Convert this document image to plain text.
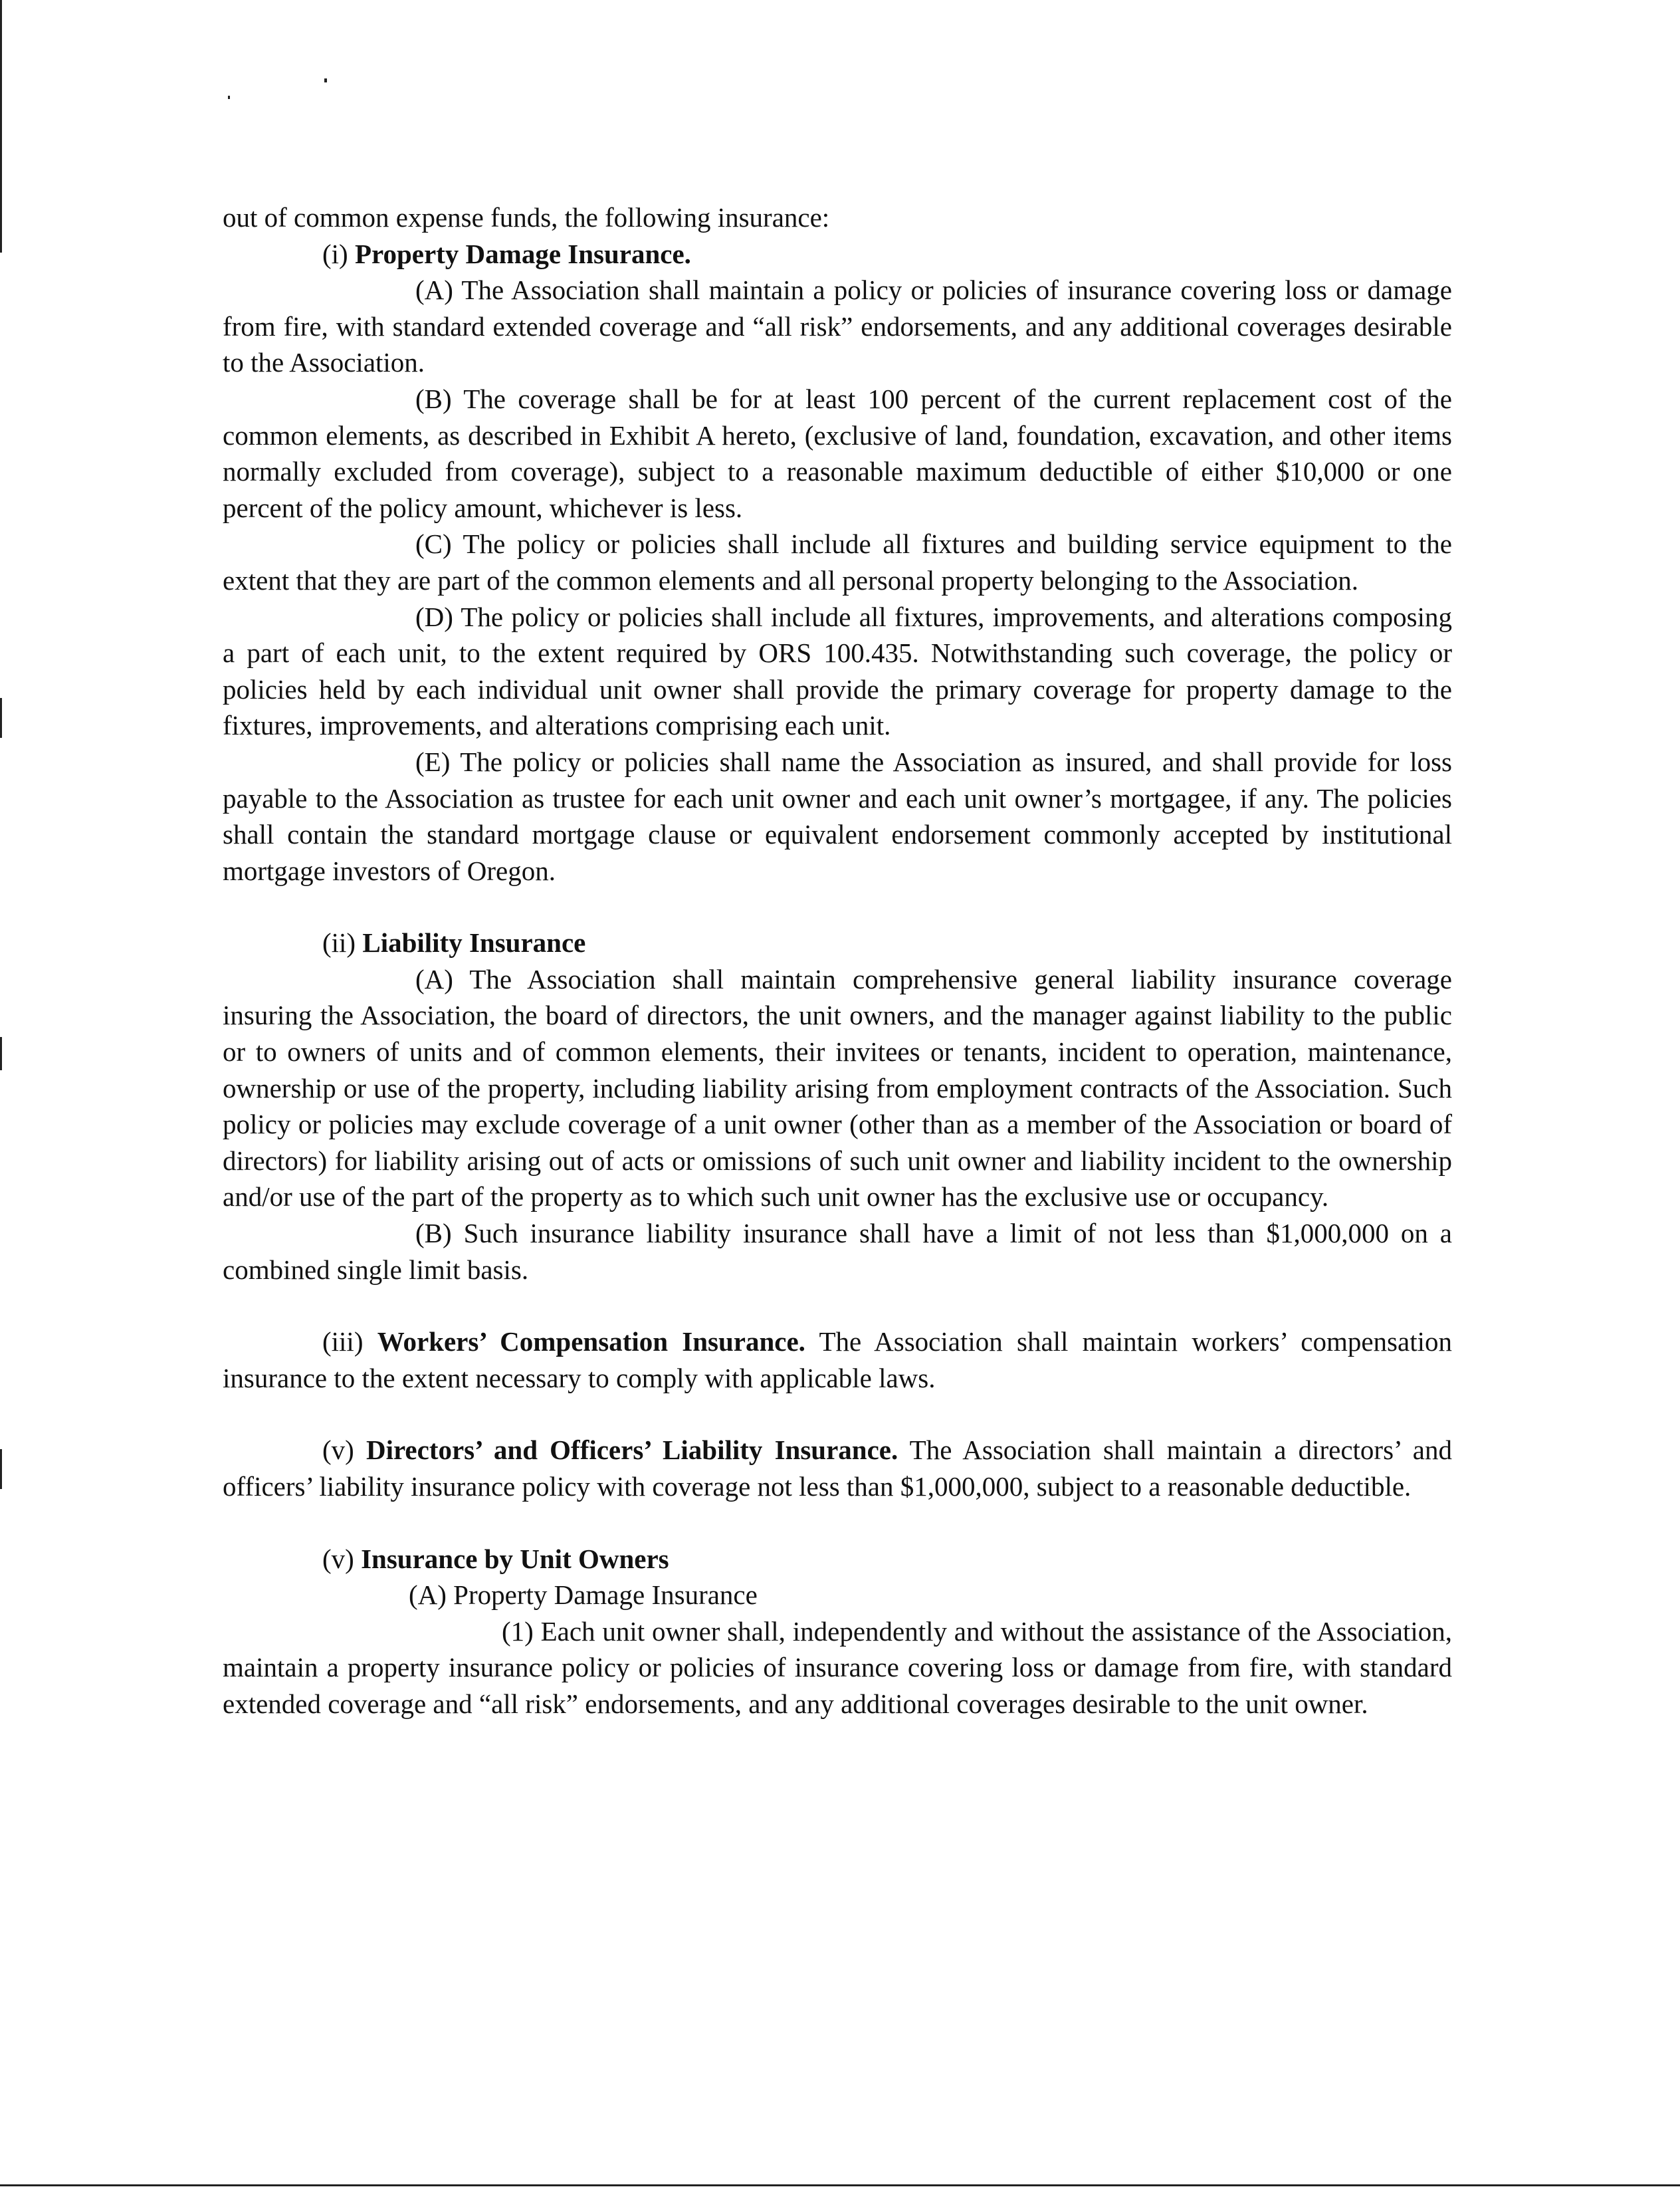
out of common expense funds, the following insurance:

(i) Property Damage Insurance.

(A) The Association shall maintain a policy or policies of insurance covering loss or damage from fire, with standard extended coverage and “all risk” endorsements, and any additional coverages desirable to the Association.

(B) The coverage shall be for at least 100 percent of the current replacement cost of the common elements, as described in Exhibit A hereto, (exclusive of land, foundation, excavation, and other items normally excluded from coverage), subject to a reasonable maximum deductible of either $10,000 or one percent of the policy amount, whichever is less.

(C) The policy or policies shall include all fixtures and building service equipment to the extent that they are part of the common elements and all personal property belonging to the Association.

(D) The policy or policies shall include all fixtures, improvements, and alterations composing a part of each unit, to the extent required by ORS 100.435. Notwithstanding such coverage, the policy or policies held by each individual unit owner shall provide the primary coverage for property damage to the fixtures, improvements, and alterations comprising each unit.

(E) The policy or policies shall name the Association as insured, and shall provide for loss payable to the Association as trustee for each unit owner and each unit owner’s mortgagee, if any. The policies shall contain the standard mortgage clause or equivalent endorsement commonly accepted by institutional mortgage investors of Oregon.

(ii) Liability Insurance

(A) The Association shall maintain comprehensive general liability insurance coverage insuring the Association, the board of directors, the unit owners, and the manager against liability to the public or to owners of units and of common elements, their invitees or tenants, incident to operation, maintenance, ownership or use of the property, including liability arising from employment contracts of the Association. Such policy or policies may exclude coverage of a unit owner (other than as a member of the Association or board of directors) for liability arising out of acts or omissions of such unit owner and liability incident to the ownership and/or use of the part of the property as to which such unit owner has the exclusive use or occupancy.

(B) Such insurance liability insurance shall have a limit of not less than $1,000,000 on a combined single limit basis.

(iii) Workers’ Compensation Insurance. The Association shall maintain workers’ compensation insurance to the extent necessary to comply with applicable laws.

(v) Directors’ and Officers’ Liability Insurance. The Association shall maintain a directors’ and officers’ liability insurance policy with coverage not less than $1,000,000, subject to a reasonable deductible.

(v) Insurance by Unit Owners

(A) Property Damage Insurance

(1) Each unit owner shall, independently and without the assistance of the Association, maintain a property insurance policy or policies of insurance covering loss or damage from fire, with standard extended coverage and “all risk” endorsements, and any additional coverages desirable to the unit owner.
